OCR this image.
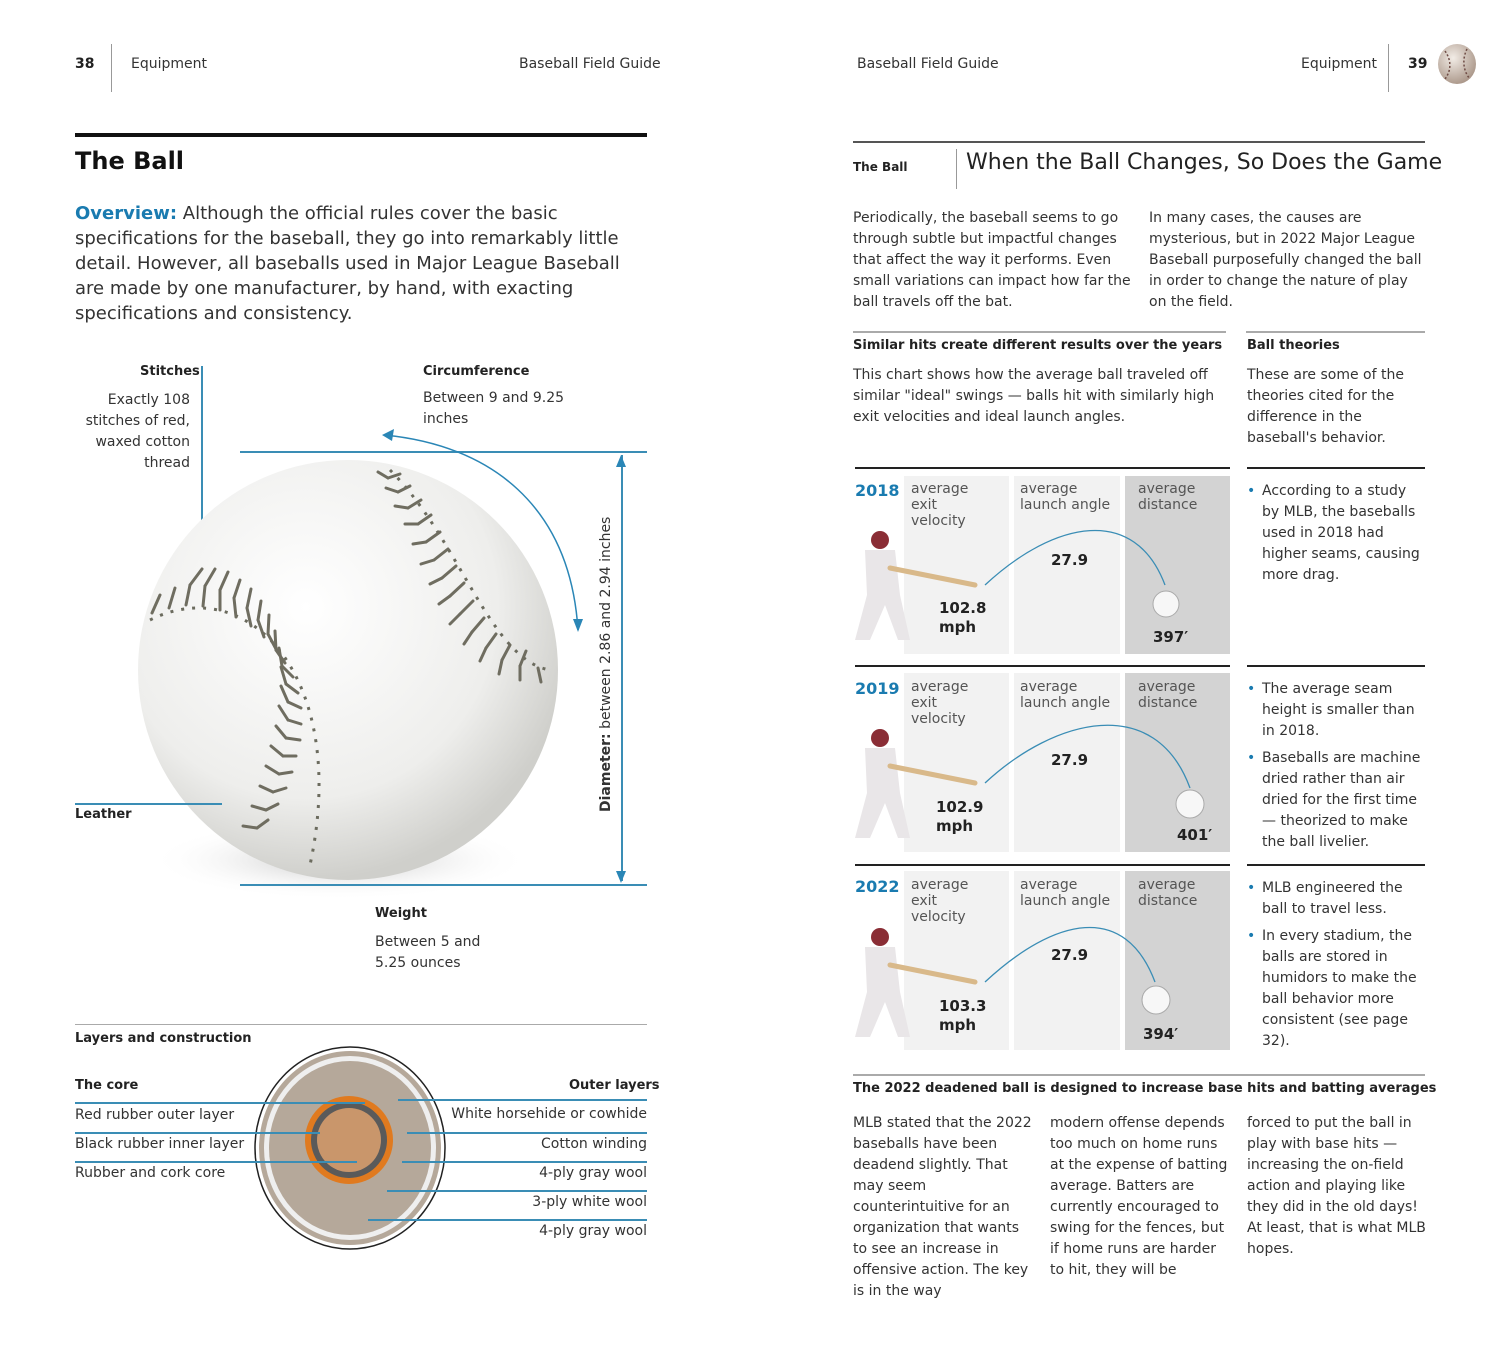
38	Equipment	Baseball Field Guide
The Ball
Overview: Although the official rules cover the basic specifications for the baseball, they go into remarkably little detail. However, all baseballs used in Major League Baseball are made by one manufacturer, by hand, with exacting specifications and consistency.
Stitches
Exactly 108
stitches of red,
waxed cotton
thread
Circumference
Between 9 and 9.25
inches
Diameter: between 2.86 and 2.94 inches
Leather
Weight
Between 5 and
5.25 ounces
Layers and construction
The core	Outer layers
Red rubber outer layer
Black rubber inner layer
Rubber and cork core
White horsehide or cowhide
Cotton winding
4-ply gray wool
3-ply white wool
4-ply gray wool
Baseball Field Guide	Equipment 39
The Ball	When the Ball Changes, So Does the Game
Periodically, the baseball seems to go through subtle but impactful changes that affect the way it performs. Even small variations can impact how far the ball travels off the bat.
In many cases, the causes are mysterious, but in 2022 Major League Baseball purposefully changed the ball in order to change the nature of play on the field.
Similar hits create different results over the years
This chart shows how the average ball traveled off similar "ideal" swings — balls hit with similarly high exit velocities and ideal launch angles.
Ball theories
These are some of the theories cited for the difference in the baseball's behavior.
2018 average
exit
velocity
average
launch angle
average
distance
102.8
mph
27.9
397′
• According to a study by MLB, the baseballs used in 2018 had higher seams, causing more drag.
2019 average
exit
velocity
average
launch angle
average
distance
102.9
mph
27.9
401′
• The average seam height is smaller than in 2018.
• Baseballs are machine dried rather than air dried for the first time — theorized to make the ball livelier.
2022 average
exit
velocity
average
launch angle
average
distance
103.3
mph
27.9
394′
• MLB engineered the ball to travel less.
• In every stadium, the balls are stored in humidors to make the ball behavior more consistent (see page 32).
The 2022 deadened ball is designed to increase base hits and batting averages
MLB stated that the 2022 baseballs have been deadend slightly. That may seem counterintuitive for an organization that wants to see an increase in offensive action. The key is in the way
modern offense depends too much on home runs at the expense of batting average. Batters are currently encouraged to swing for the fences, but if home runs are harder to hit, they will be
forced to put the ball in play with base hits — increasing the on-field action and playing like they did in the old days! At least, that is what MLB hopes.
